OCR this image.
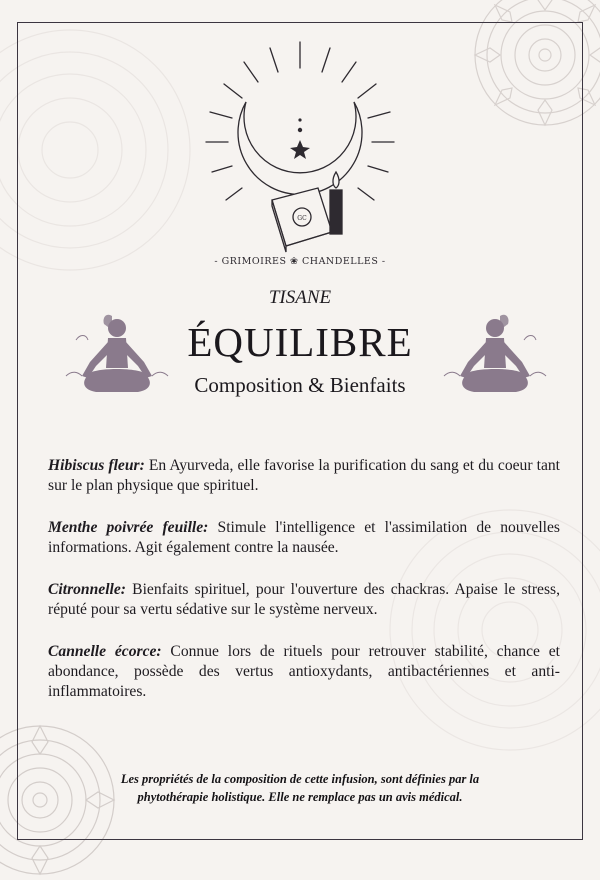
GC
- GRIMOIRES ❀ CHANDELLES -
TISANE
ÉQUILIBRE
Composition & Bienfaits

Hibiscus fleur: En Ayurveda, elle favorise la purification du sang et du coeur tant sur le plan physique que spirituel.

Menthe poivrée feuille: Stimule l'intelligence et l'assimilation de nouvelles informations. Agit également contre la nausée.

Citronnelle: Bienfaits spirituel, pour l'ouverture des chackras. Apaise le stress, réputé pour sa vertu sédative sur le système nerveux.

Cannelle écorce: Connue lors de rituels pour retrouver stabilité, chance et abondance, possède des vertus antioxydants, antibactériennes et anti-inflammatoires.

Les propriétés de la composition de cette infusion, sont définies par la
phytothérapie holistique. Elle ne remplace pas un avis médical.
